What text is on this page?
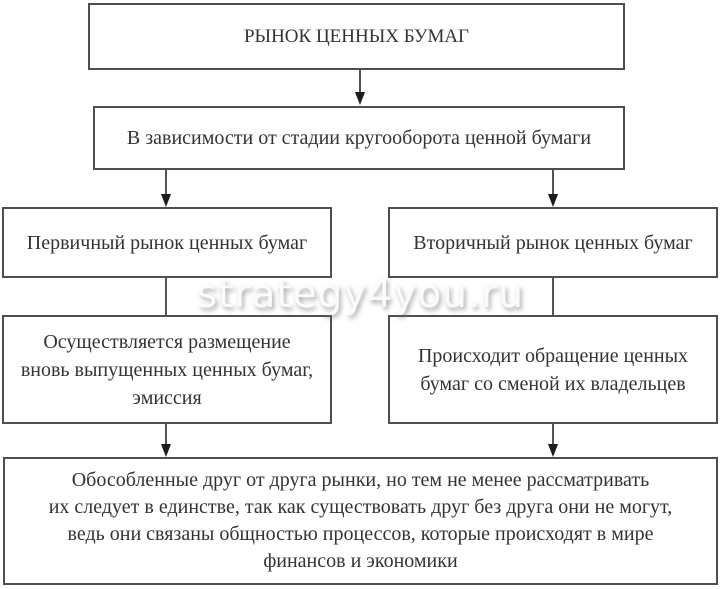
РЫНОК ЦЕННЫХ БУМАГ
В зависимости от стадии кругооборота ценной бумаги
Первичный рынок ценных бумаг	Вторичный рынок ценных бумаг
Осуществляется размещение
вновь выпущенных ценных бумаг,
эмиссия
Происходит обращение ценных
бумаг со сменой их владельцев
Обособленные друг от друга рынки, но тем не менее рассматривать
их следует в единстве, так как существовать друг без друга они не могут,
ведь они связаны общностью процессов, которые происходят в мире
финансов и экономики
strategy4you.ru
